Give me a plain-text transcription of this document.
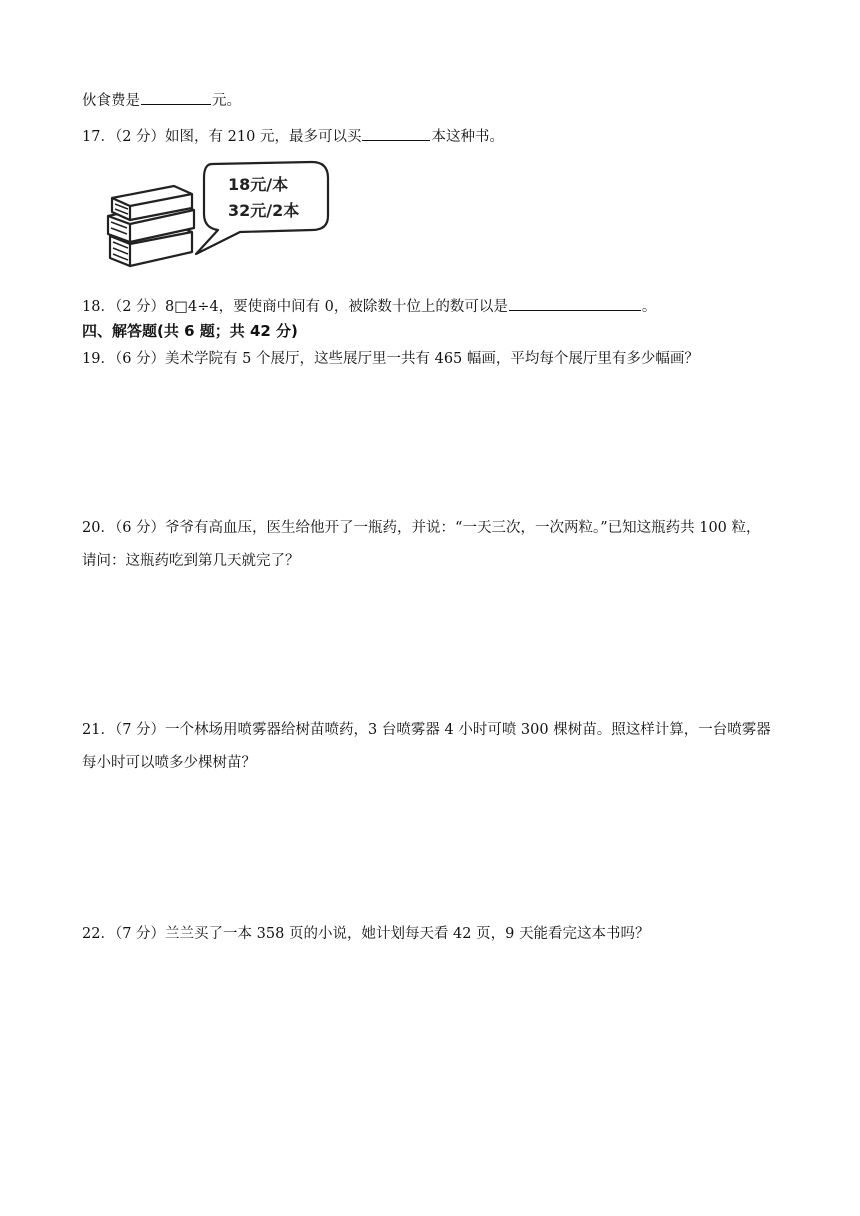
伙食费是	元。
17．（2 分）如图，有 210 元，最多可以买	本这种书。
18元/本
32元/2本
18．（2 分）8□4÷4，要使商中间有 0，被除数十位上的数可以是	。
四、解答题(共 6 题；共 42 分)
19．（6 分）美术学院有 5 个展厅，这些展厅里一共有 465 幅画，平均每个展厅里有多少幅画？
20．（6 分）爷爷有高血压，医生给他开了一瓶药，并说：“一天三次，一次两粒。”已知这瓶药共 100 粒，
请问：这瓶药吃到第几天就完了？
21．（7 分）一个林场用喷雾器给树苗喷药，3 台喷雾器 4 小时可喷 300 棵树苗。照这样计算，一台喷雾器
每小时可以喷多少棵树苗？
22．（7 分）兰兰买了一本 358 页的小说，她计划每天看 42 页，9 天能看完这本书吗？
